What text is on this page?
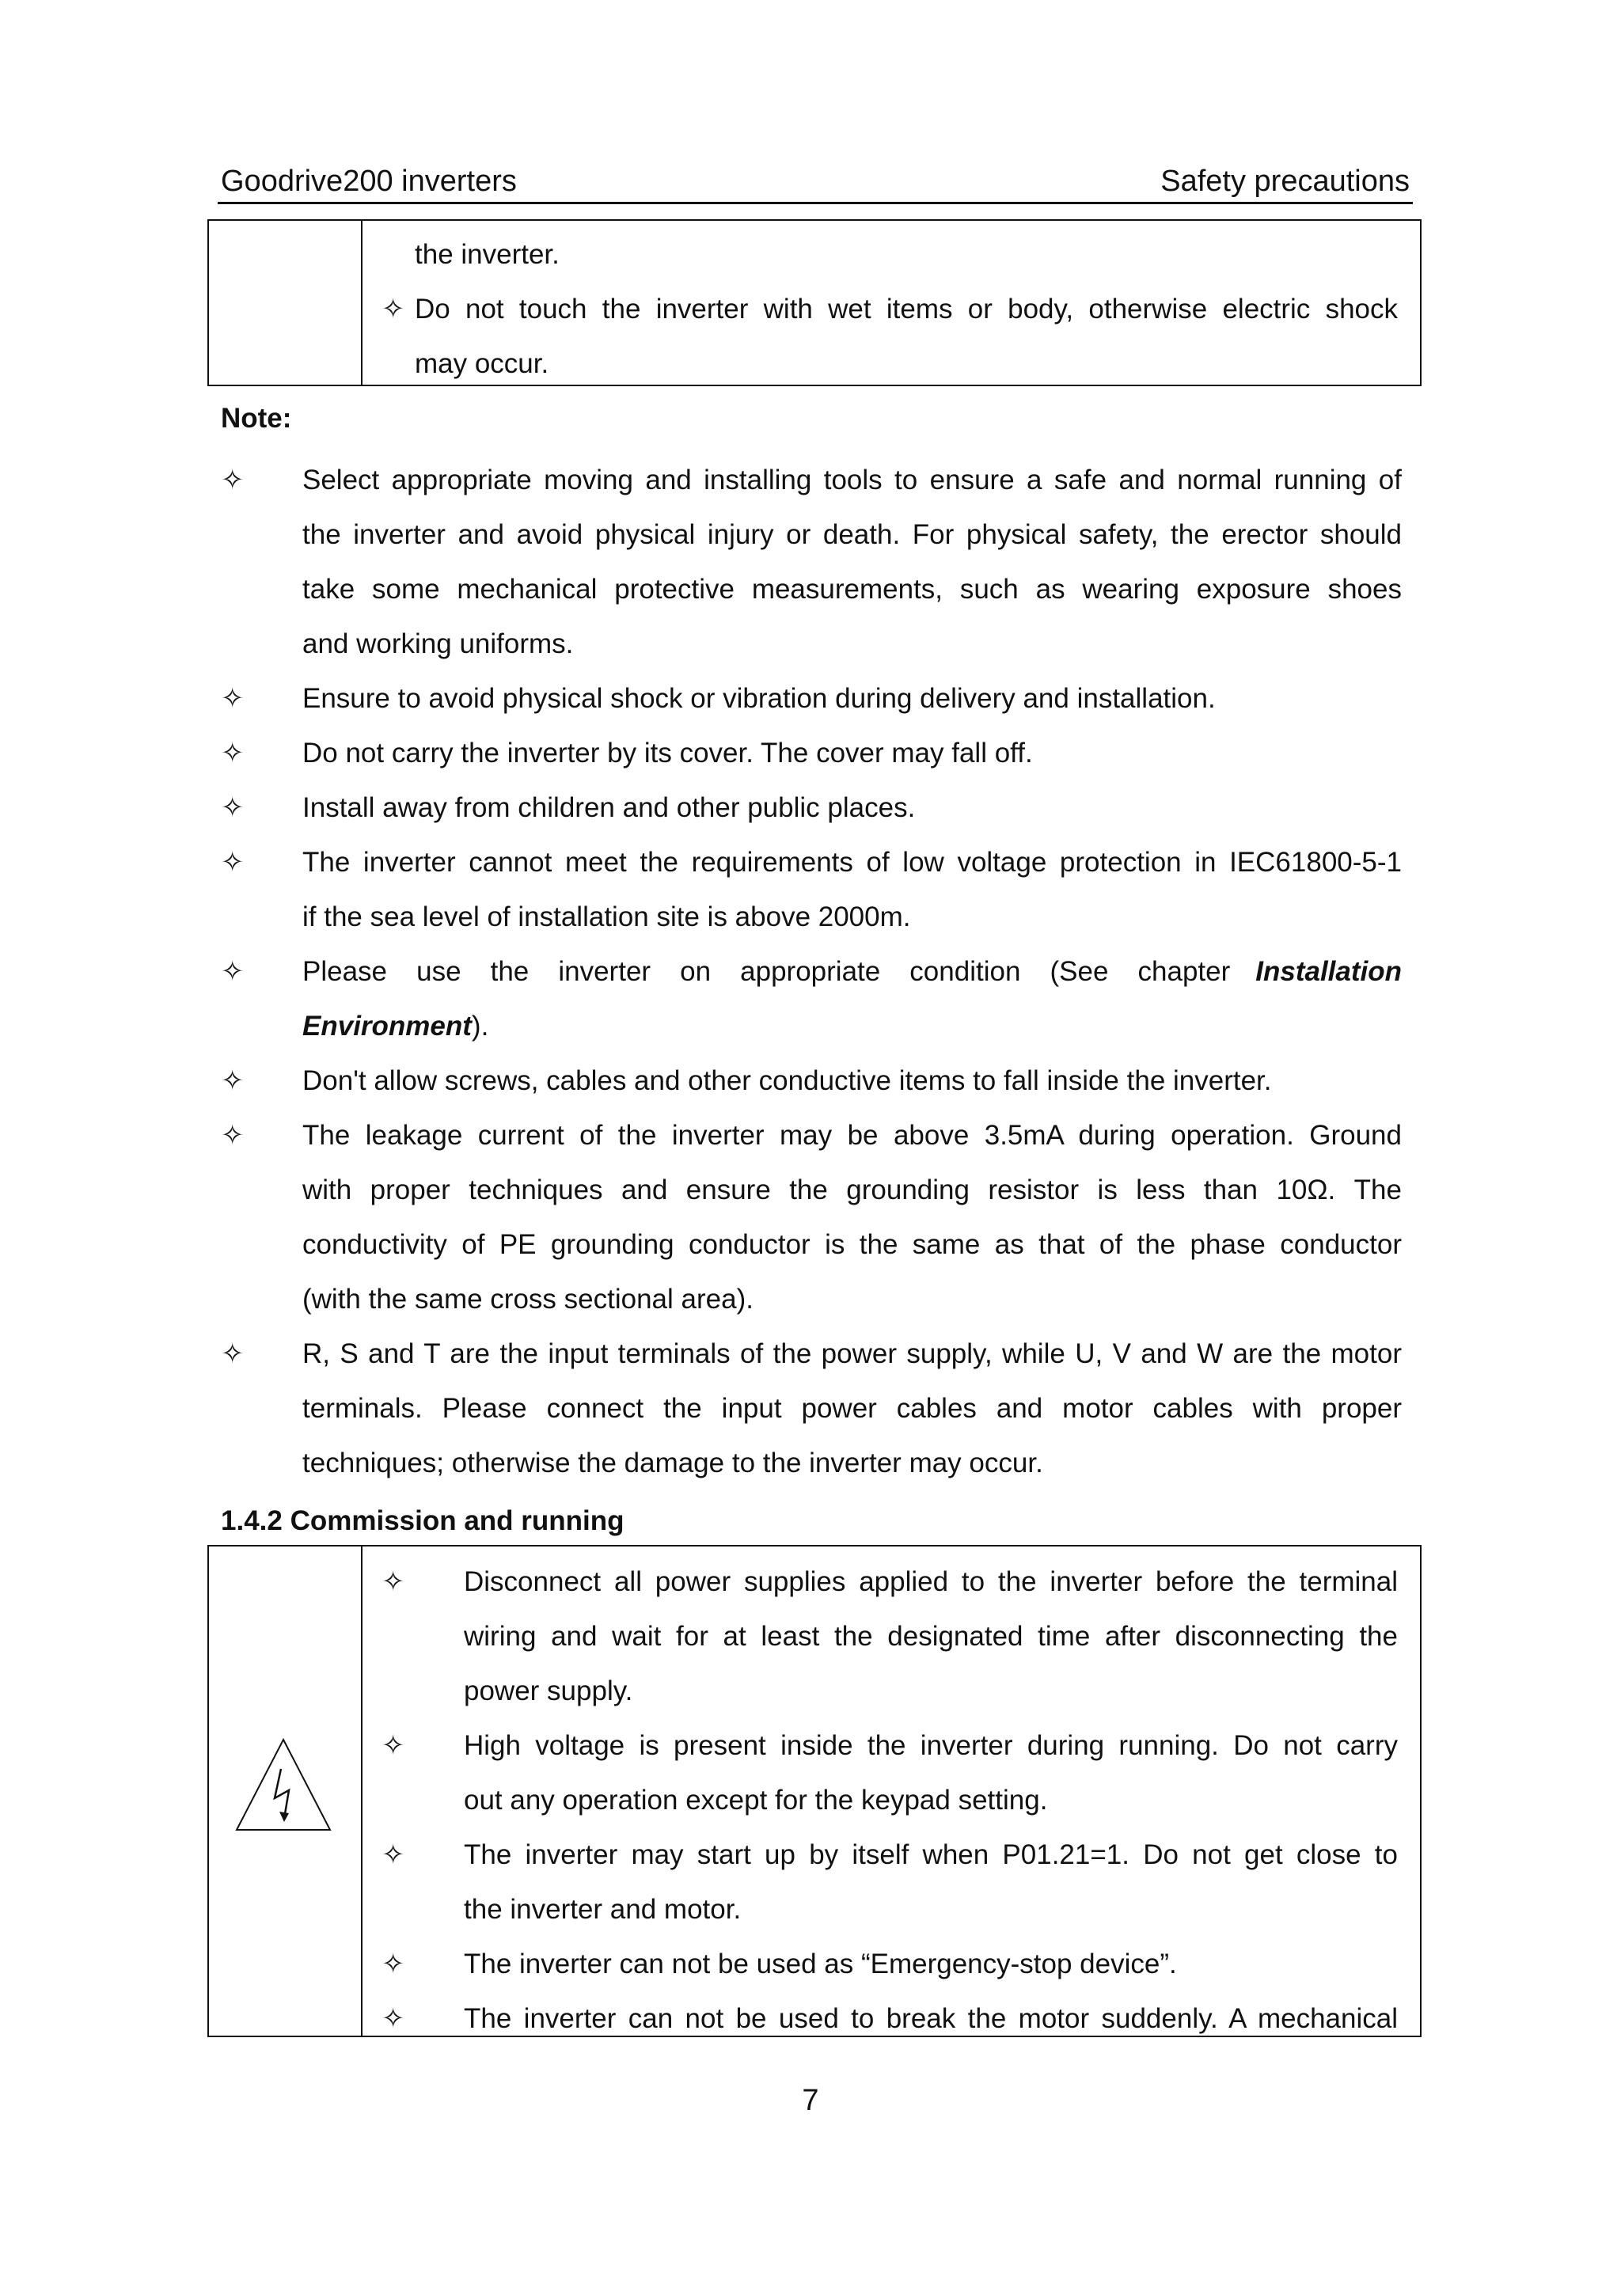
Goodrive200 inverters	Safety precautions
the inverter.
✧ Do not touch the inverter with wet items or body, otherwise electric shock
may occur.
Note:
✧ Select appropriate moving and installing tools to ensure a safe and normal running of
the inverter and avoid physical injury or death. For physical safety, the erector should
take some mechanical protective measurements, such as wearing exposure shoes
and working uniforms.
✧ Ensure to avoid physical shock or vibration during delivery and installation.
✧ Do not carry the inverter by its cover. The cover may fall off.
✧ Install away from children and other public places.
✧ The inverter cannot meet the requirements of low voltage protection in IEC61800-5-1
if the sea level of installation site is above 2000m.
✧ Please use the inverter on appropriate condition (See chapter Installation
Environment).
✧ Don't allow screws, cables and other conductive items to fall inside the inverter.
✧ The leakage current of the inverter may be above 3.5mA during operation. Ground
with proper techniques and ensure the grounding resistor is less than 10Ω. The
conductivity of PE grounding conductor is the same as that of the phase conductor
(with the same cross sectional area).
✧ R, S and T are the input terminals of the power supply, while U, V and W are the motor
terminals. Please connect the input power cables and motor cables with proper
techniques; otherwise the damage to the inverter may occur.
1.4.2 Commission and running
✧ Disconnect all power supplies applied to the inverter before the terminal
wiring and wait for at least the designated time after disconnecting the
power supply.
✧ High voltage is present inside the inverter during running. Do not carry
out any operation except for the keypad setting.
✧ The inverter may start up by itself when P01.21=1. Do not get close to
the inverter and motor.
✧ The inverter can not be used as “Emergency-stop device”.
✧ The inverter can not be used to break the motor suddenly. A mechanical
7
